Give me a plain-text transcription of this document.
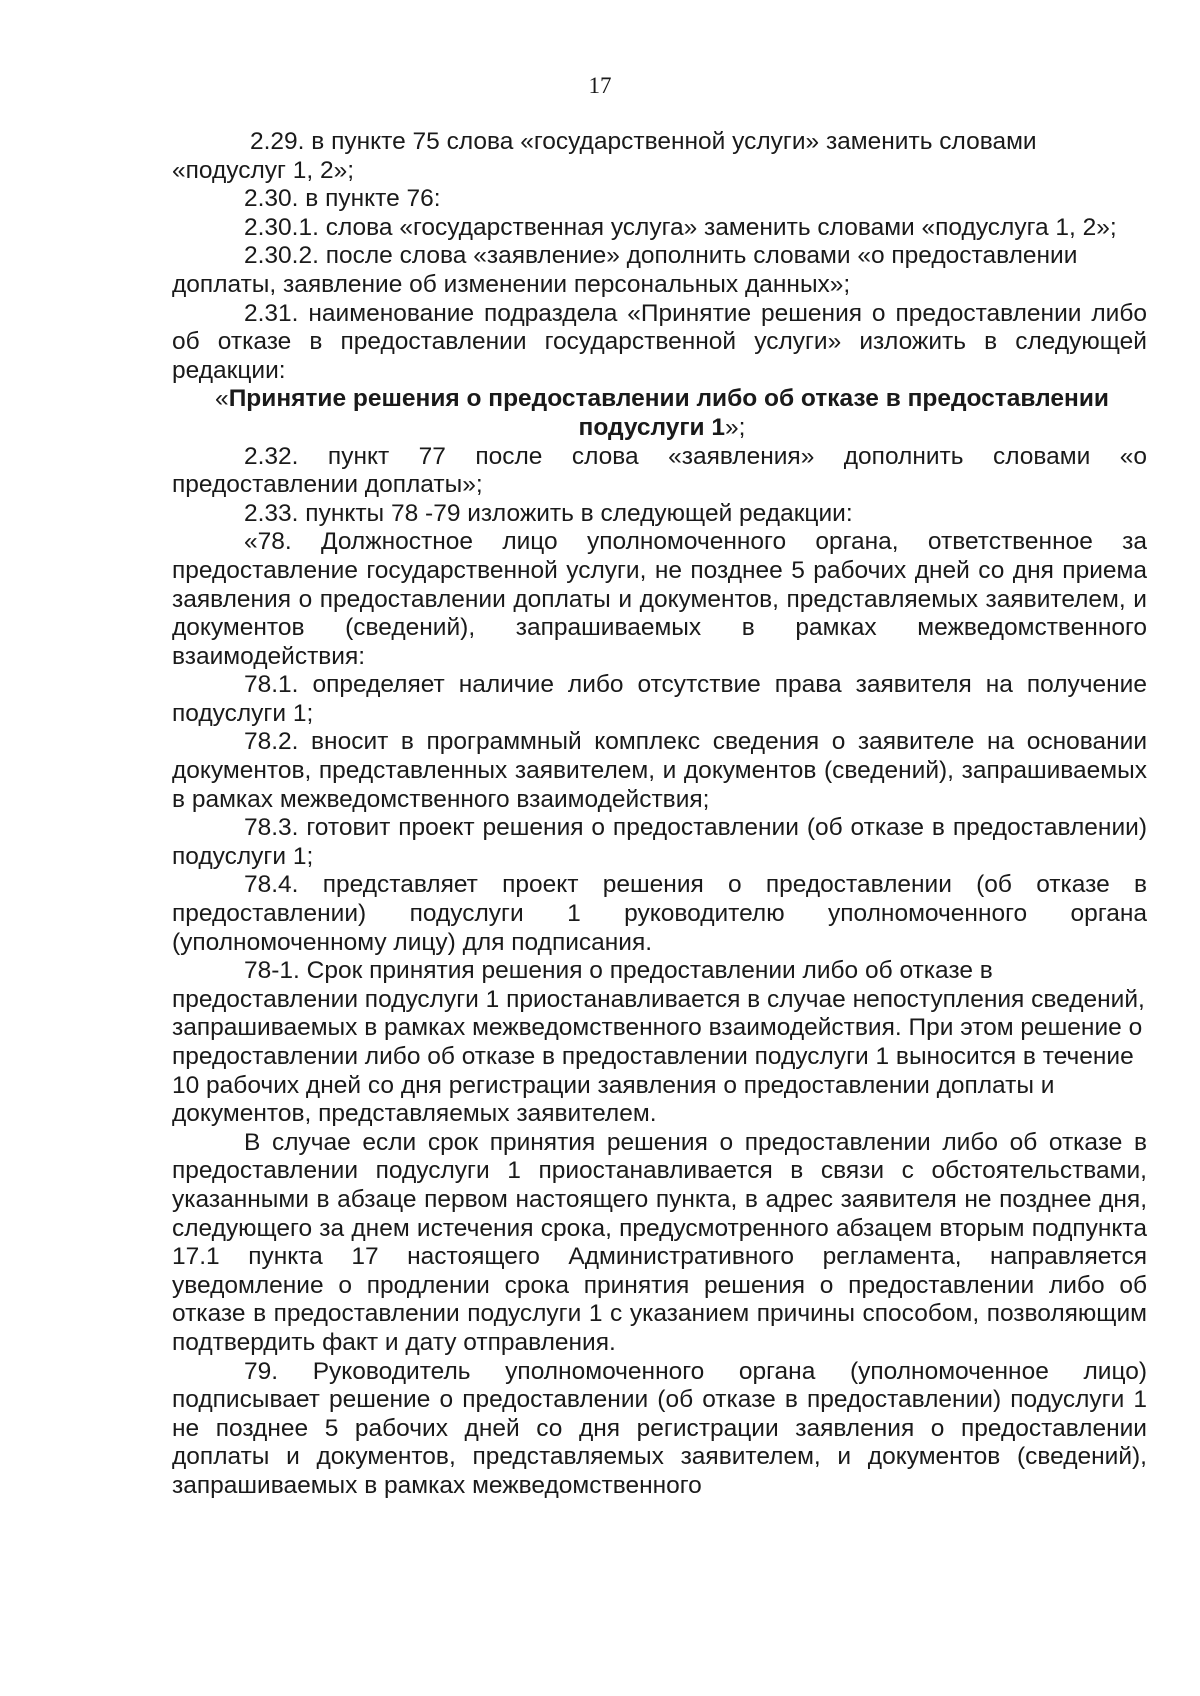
17

2.29. в пункте 75 слова «государственной услуги» заменить словами «подуслуг 1, 2»;

2.30. в пункте 76:

2.30.1. слова «государственная услуга» заменить словами «подуслуга 1, 2»;

2.30.2. после слова «заявление» дополнить словами «о предоставлении доплаты, заявление об изменении персональных данных»;

2.31. наименование подраздела «Принятие решения о предоставлении либо об отказе в предоставлении государственной услуги» изложить в следующей редакции:

«Принятие решения о предоставлении либо об отказе в предоставлении подуслуги 1»;

2.32. пункт 77 после слова «заявления» дополнить словами «о предоставлении доплаты»;

2.33. пункты 78 -79 изложить в следующей редакции:

«78. Должностное лицо уполномоченного органа, ответственное за предоставление государственной услуги, не позднее 5 рабочих дней со дня приема заявления о предоставлении доплаты и документов, представляемых заявителем, и документов (сведений), запрашиваемых в рамках межведомственного взаимодействия:

78.1. определяет наличие либо отсутствие права заявителя на получение подуслуги 1;

78.2. вносит в программный комплекс сведения о заявителе на основании документов, представленных заявителем, и документов (сведений), запрашиваемых в рамках межведомственного взаимодействия;

78.3. готовит проект решения о предоставлении (об отказе в предоставлении) подуслуги 1;

78.4. представляет проект решения о предоставлении (об отказе в предоставлении) подуслуги 1 руководителю уполномоченного органа (уполномоченному лицу) для подписания.

78-1. Срок принятия решения о предоставлении либо об отказе в предоставлении подуслуги 1 приостанавливается в случае непоступления сведений, запрашиваемых в рамках межведомственного взаимодействия. При этом решение о предоставлении либо об отказе в предоставлении подуслуги 1 выносится в течение 10 рабочих дней со дня регистрации заявления о предоставлении доплаты и документов, представляемых заявителем.

В случае если срок принятия решения о предоставлении либо об отказе в предоставлении подуслуги 1 приостанавливается в связи с обстоятельствами, указанными в абзаце первом настоящего пункта, в адрес заявителя не позднее дня, следующего за днем истечения срока, предусмотренного абзацем вторым подпункта 17.1 пункта 17 настоящего Административного регламента, направляется уведомление о продлении срока принятия решения о предоставлении либо об отказе в предоставлении подуслуги 1 с указанием причины способом, позволяющим подтвердить факт и дату отправления.

79. Руководитель уполномоченного органа (уполномоченное лицо) подписывает решение о предоставлении (об отказе в предоставлении) подуслуги 1 не позднее 5 рабочих дней со дня регистрации заявления о предоставлении доплаты и документов, представляемых заявителем, и документов (сведений), запрашиваемых в рамках межведомственного
